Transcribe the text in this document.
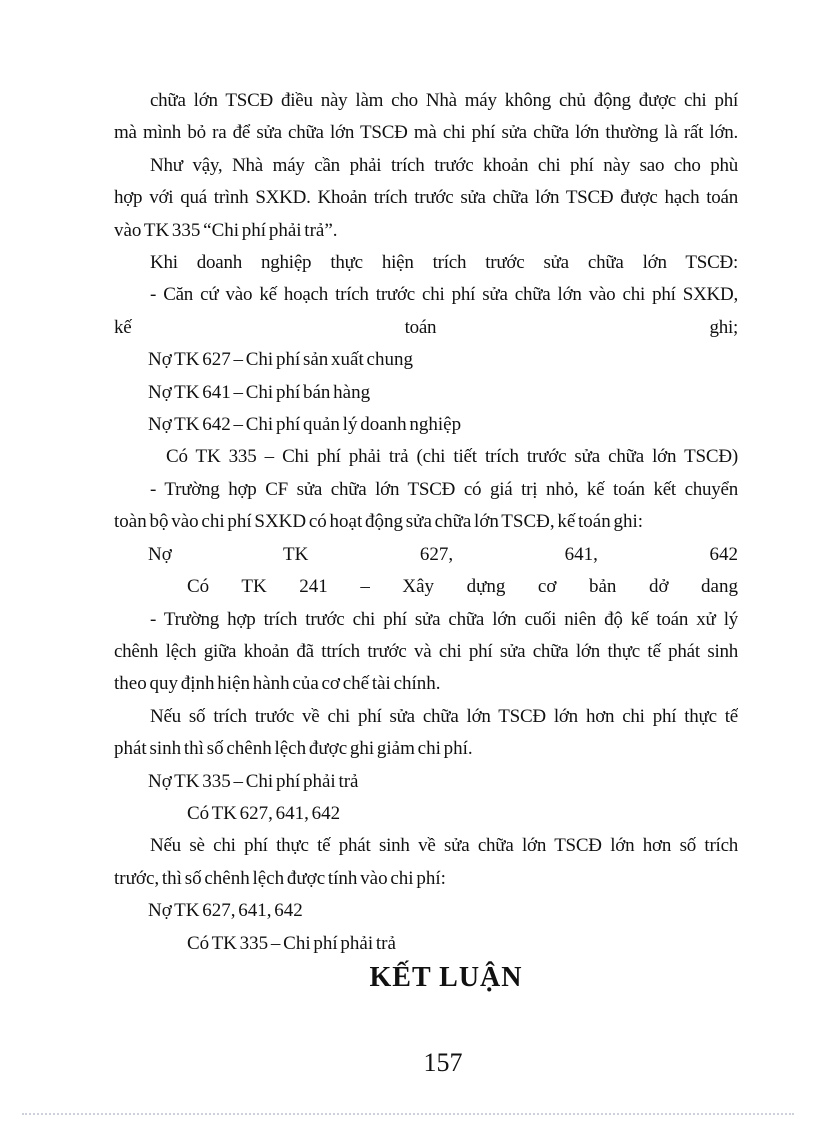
chữa lớn TSCĐ điều này làm cho Nhà máy không chủ động được chi phí
mà mình bỏ ra để sửa chữa lớn TSCĐ mà chi phí sửa chữa lớn thường là rất lớn.
Như vậy, Nhà máy cần phải trích trước khoản chi phí này sao cho phù
hợp với quá trình SXKD. Khoản trích trước sửa chữa lớn TSCĐ được hạch toán
vào TK 335 “Chi phí phải trả”.
Khi doanh nghiệp thực hiện trích trước sửa chữa lớn TSCĐ:
- Căn cứ vào kế hoạch trích trước chi phí sửa chữa lớn vào chi phí SXKD,
kế toán ghi;
Nợ TK 627 – Chi phí sản xuất chung
Nợ TK 641 – Chi phí bán hàng
Nợ TK 642 – Chi phí quản lý doanh nghiệp
Có TK 335 – Chi phí phải trả (chi tiết trích trước sửa chữa lớn TSCĐ)
- Trường hợp CF sửa chữa lớn TSCĐ có giá trị nhỏ, kế toán kết chuyển
toàn bộ vào chi phí SXKD có hoạt động sửa chữa lớn TSCĐ, kế toán ghi:
Nợ TK 627, 641, 642
Có TK 241 – Xây dựng cơ bản dở dang
- Trường hợp trích trước chi phí sửa chữa lớn cuối niên độ kế toán xử lý
chênh lệch giữa khoản đã ttrích trước và chi phí sửa chữa lớn thực tế phát sinh
theo quy định hiện hành của cơ chế tài chính.
Nếu số trích trước về chi phí sửa chữa lớn TSCĐ lớn hơn chi phí thực tế
phát sinh thì số chênh lệch được ghi giảm chi phí.
Nợ TK 335 – Chi phí phải trả
Có TK 627, 641, 642
Nếu sè chi phí thực tế phát sinh về sửa chữa lớn TSCĐ lớn hơn số trích
trước, thì số chênh lệch được tính vào chi phí:
Nợ TK 627, 641, 642
Có TK 335 – Chi phí phải trả
KẾT LUẬN
157
